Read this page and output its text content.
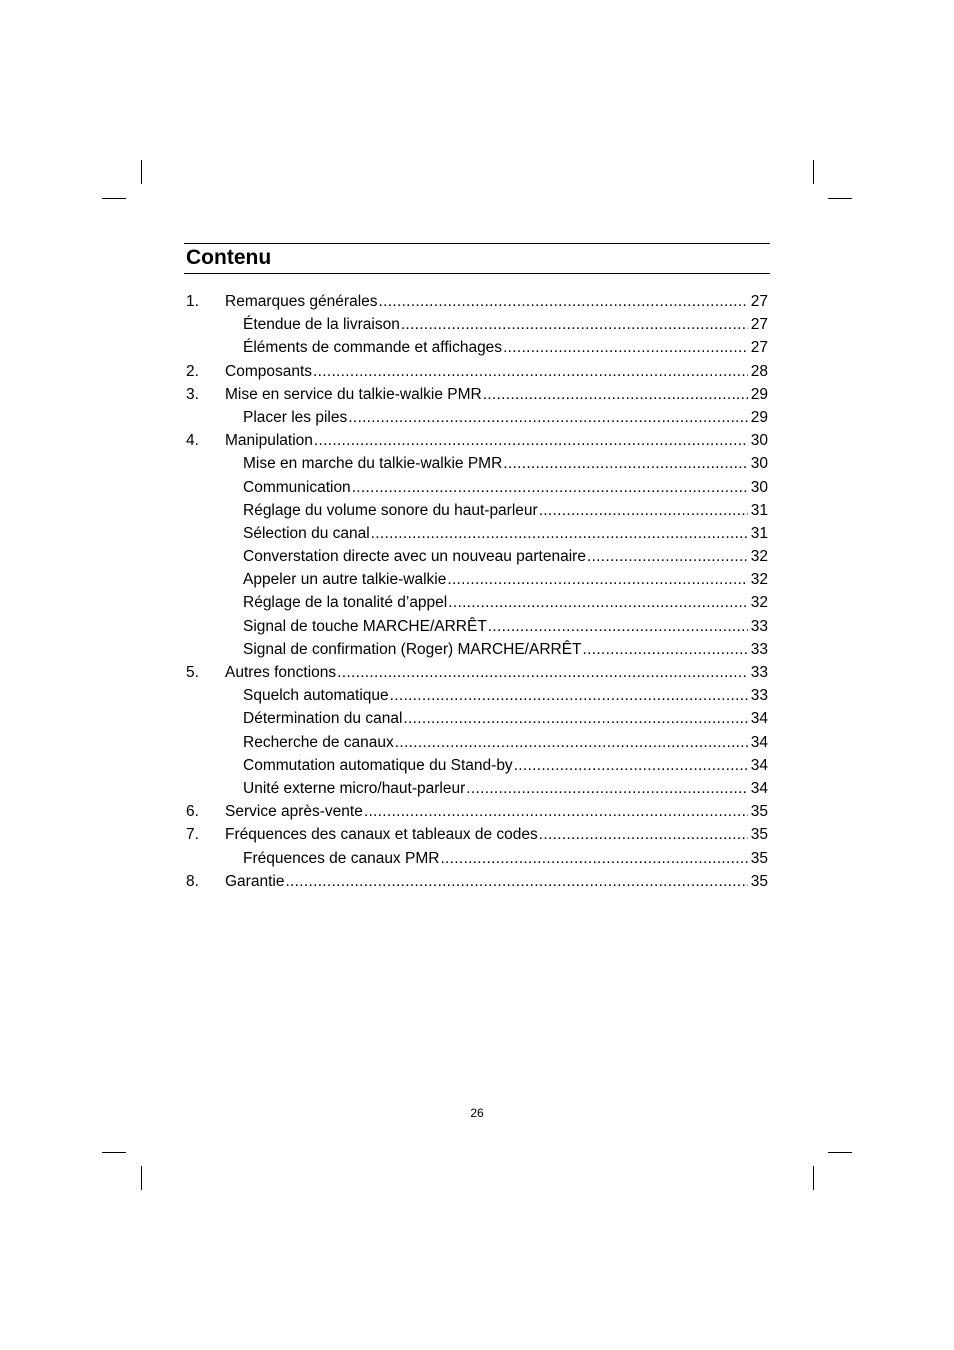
Contenu
1.	Remarques générales .....	27
Étendue de la livraison .....	27
Éléments de commande et affichages .....	27
2.	Composants .....	28
3.	Mise en service du talkie-walkie PMR .....	29
Placer les piles .....	29
4.	Manipulation .....	30
Mise en marche du talkie-walkie PMR .....	30
Communication .....	30
Réglage du volume sonore du haut-parleur .....	31
Sélection du canal .....	31
Converstation directe avec un nouveau partenaire .....	32
Appeler un autre talkie-walkie .....	32
Réglage de la tonalité d’appel .....	32
Signal de touche MARCHE/ARRÊT .....	33
Signal de confirmation (Roger) MARCHE/ARRÊT .....	33
5.	Autres fonctions .....	33
Squelch automatique .....	33
Détermination du canal .....	34
Recherche de canaux .....	34
Commutation automatique du Stand-by .....	34
Unité externe micro/haut-parleur .....	34
6.	Service après-vente .....	35
7.	Fréquences des canaux et tableaux de codes .....	35
Fréquences de canaux PMR .....	35
8.	Garantie .....	35
26
